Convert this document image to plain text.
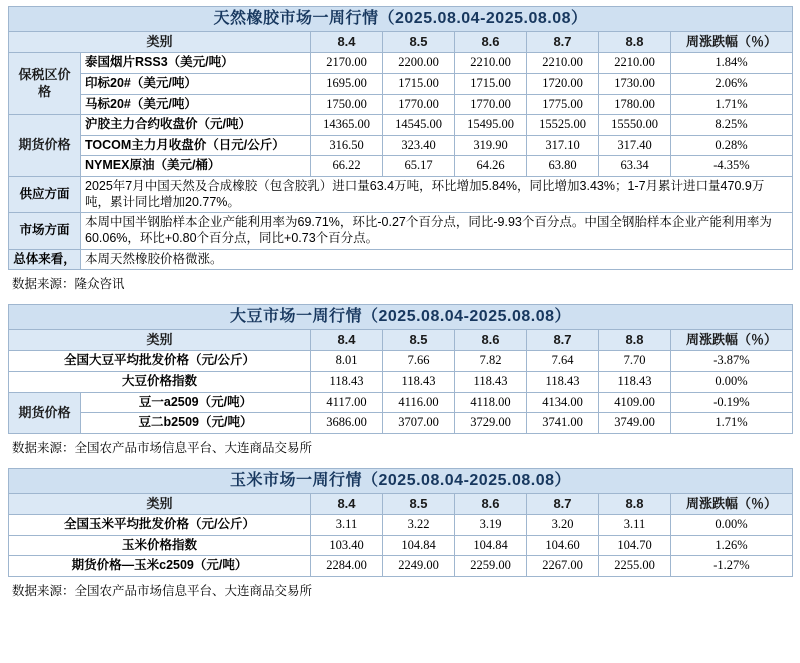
天然橡胶市场一周行情（2025.08.04-2025.08.08）							
类别		8.4	8.5	8.6	8.7	8.8	周涨跌幅（％）
保税区价格	泰国烟片RSS3（美元/吨）	2170.00	2200.00	2210.00	2210.00	2210.00	1.84%
	印标20#（美元/吨）	1695.00	1715.00	1715.00	1720.00	1730.00	2.06%
	马标20#（美元/吨）	1750.00	1770.00	1770.00	1775.00	1780.00	1.71%
期货价格	沪胶主力合约收盘价（元/吨）	14365.00	14545.00	15495.00	15525.00	15550.00	8.25%
	TOCOM主力月收盘价（日元/公斤）	316.50	323.40	319.90	317.10	317.40	0.28%
	NYMEX原油（美元/桶）	66.22	65.17	64.26	63.80	63.34	-4.35%
供应方面	2025年7月中国天然及合成橡胶（包含胶乳）进口量63.4万吨，环比增加5.84%，同比增加3.43%；1-7月累计进口量470.9万吨，累计同比增加20.77%。						
市场方面	本周中国半钢胎样本企业产能利用率为69.71%，环比-0.27个百分点，同比-9.93个百分点。中国全钢胎样本企业产能利用率为60.06%，环比+0.80个百分点，同比+0.73个百分点。						
总体来看，	本周天然橡胶价格微涨。						
数据来源：隆众咨讯
大豆市场一周行情（2025.08.04-2025.08.08）							
类别		8.4	8.5	8.6	8.7	8.8	周涨跌幅（％）
全国大豆平均批发价格（元/公斤）		8.01	7.66	7.82	7.64	7.70	-3.87%
大豆价格指数		118.43	118.43	118.43	118.43	118.43	0.00%
期货价格	豆一a2509（元/吨）	4117.00	4116.00	4118.00	4134.00	4109.00	-0.19%
	豆二b2509（元/吨）	3686.00	3707.00	3729.00	3741.00	3749.00	1.71%
数据来源：全国农产品市场信息平台、大连商品交易所
玉米市场一周行情（2025.08.04-2025.08.08）						
类别	8.4	8.5	8.6	8.7	8.8	周涨跌幅（％）
全国玉米平均批发价格（元/公斤）	3.11	3.22	3.19	3.20	3.11	0.00%
玉米价格指数	103.40	104.84	104.84	104.60	104.70	1.26%
期货价格—玉米c2509（元/吨）	2284.00	2249.00	2259.00	2267.00	2255.00	-1.27%
数据来源：全国农产品市场信息平台、大连商品交易所
